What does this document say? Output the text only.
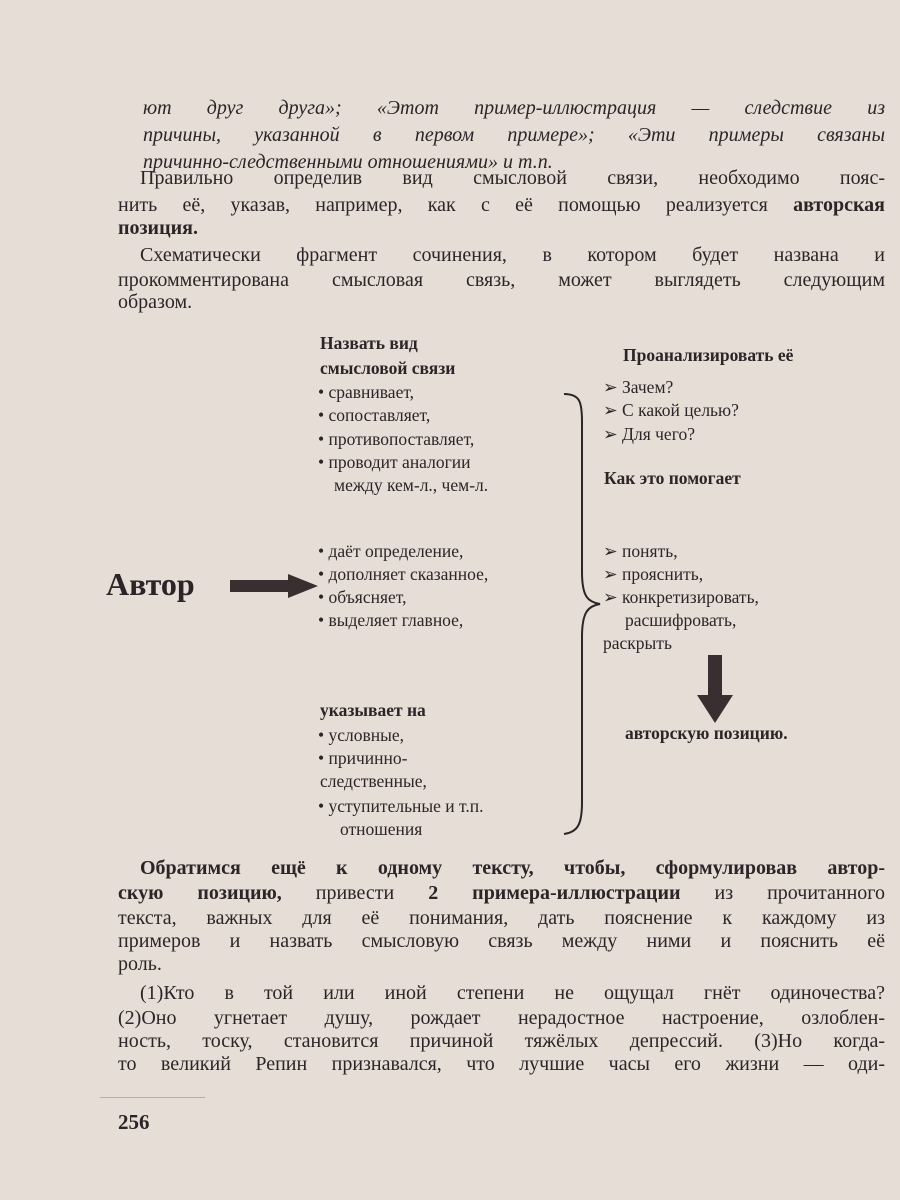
ют друг друга»; «Этот пример-иллюстрация — следствие из
причины, указанной в первом примере»; «Эти примеры связаны
причинно-следственными отношениями» и т.п.
Правильно определив вид смысловой связи, необходимо пояс-
нить её, указав, например, как с её помощью реализуется авторская
позиция.
Схематически фрагмент сочинения, в котором будет названа и
прокомментирована смысловая связь, может выглядеть следующим
образом.
Автор
Назвать вид
смысловой связи
• сравнивает,
• сопоставляет,
• противопоставляет,
• проводит аналогии
между кем-л., чем-л.
• даёт определение,
• дополняет сказанное,
• объясняет,
• выделяет главное,
указывает на
• условные,
• причинно-
следственные,
• уступительные и т.п.
отношения
Проанализировать её
➢ Зачем?
➢ С какой целью?
➢ Для чего?
Как это помогает
➢ понять,
➢ прояснить,
➢ конкретизировать,
расшифровать,
раскрыть
авторскую позицию.
Обратимся ещё к одному тексту, чтобы, сформулировав автор-
скую позицию, привести 2 примера-иллюстрации из прочитанного
текста, важных для её понимания, дать пояснение к каждому из
примеров и назвать смысловую связь между ними и пояснить её
роль.
(1)Кто в той или иной степени не ощущал гнёт одиночества?
(2)Оно угнетает душу, рождает нерадостное настроение, озлоблен-
ность, тоску, становится причиной тяжёлых депрессий. (3)Но когда-
то великий Репин признавался, что лучшие часы его жизни — оди-
256
